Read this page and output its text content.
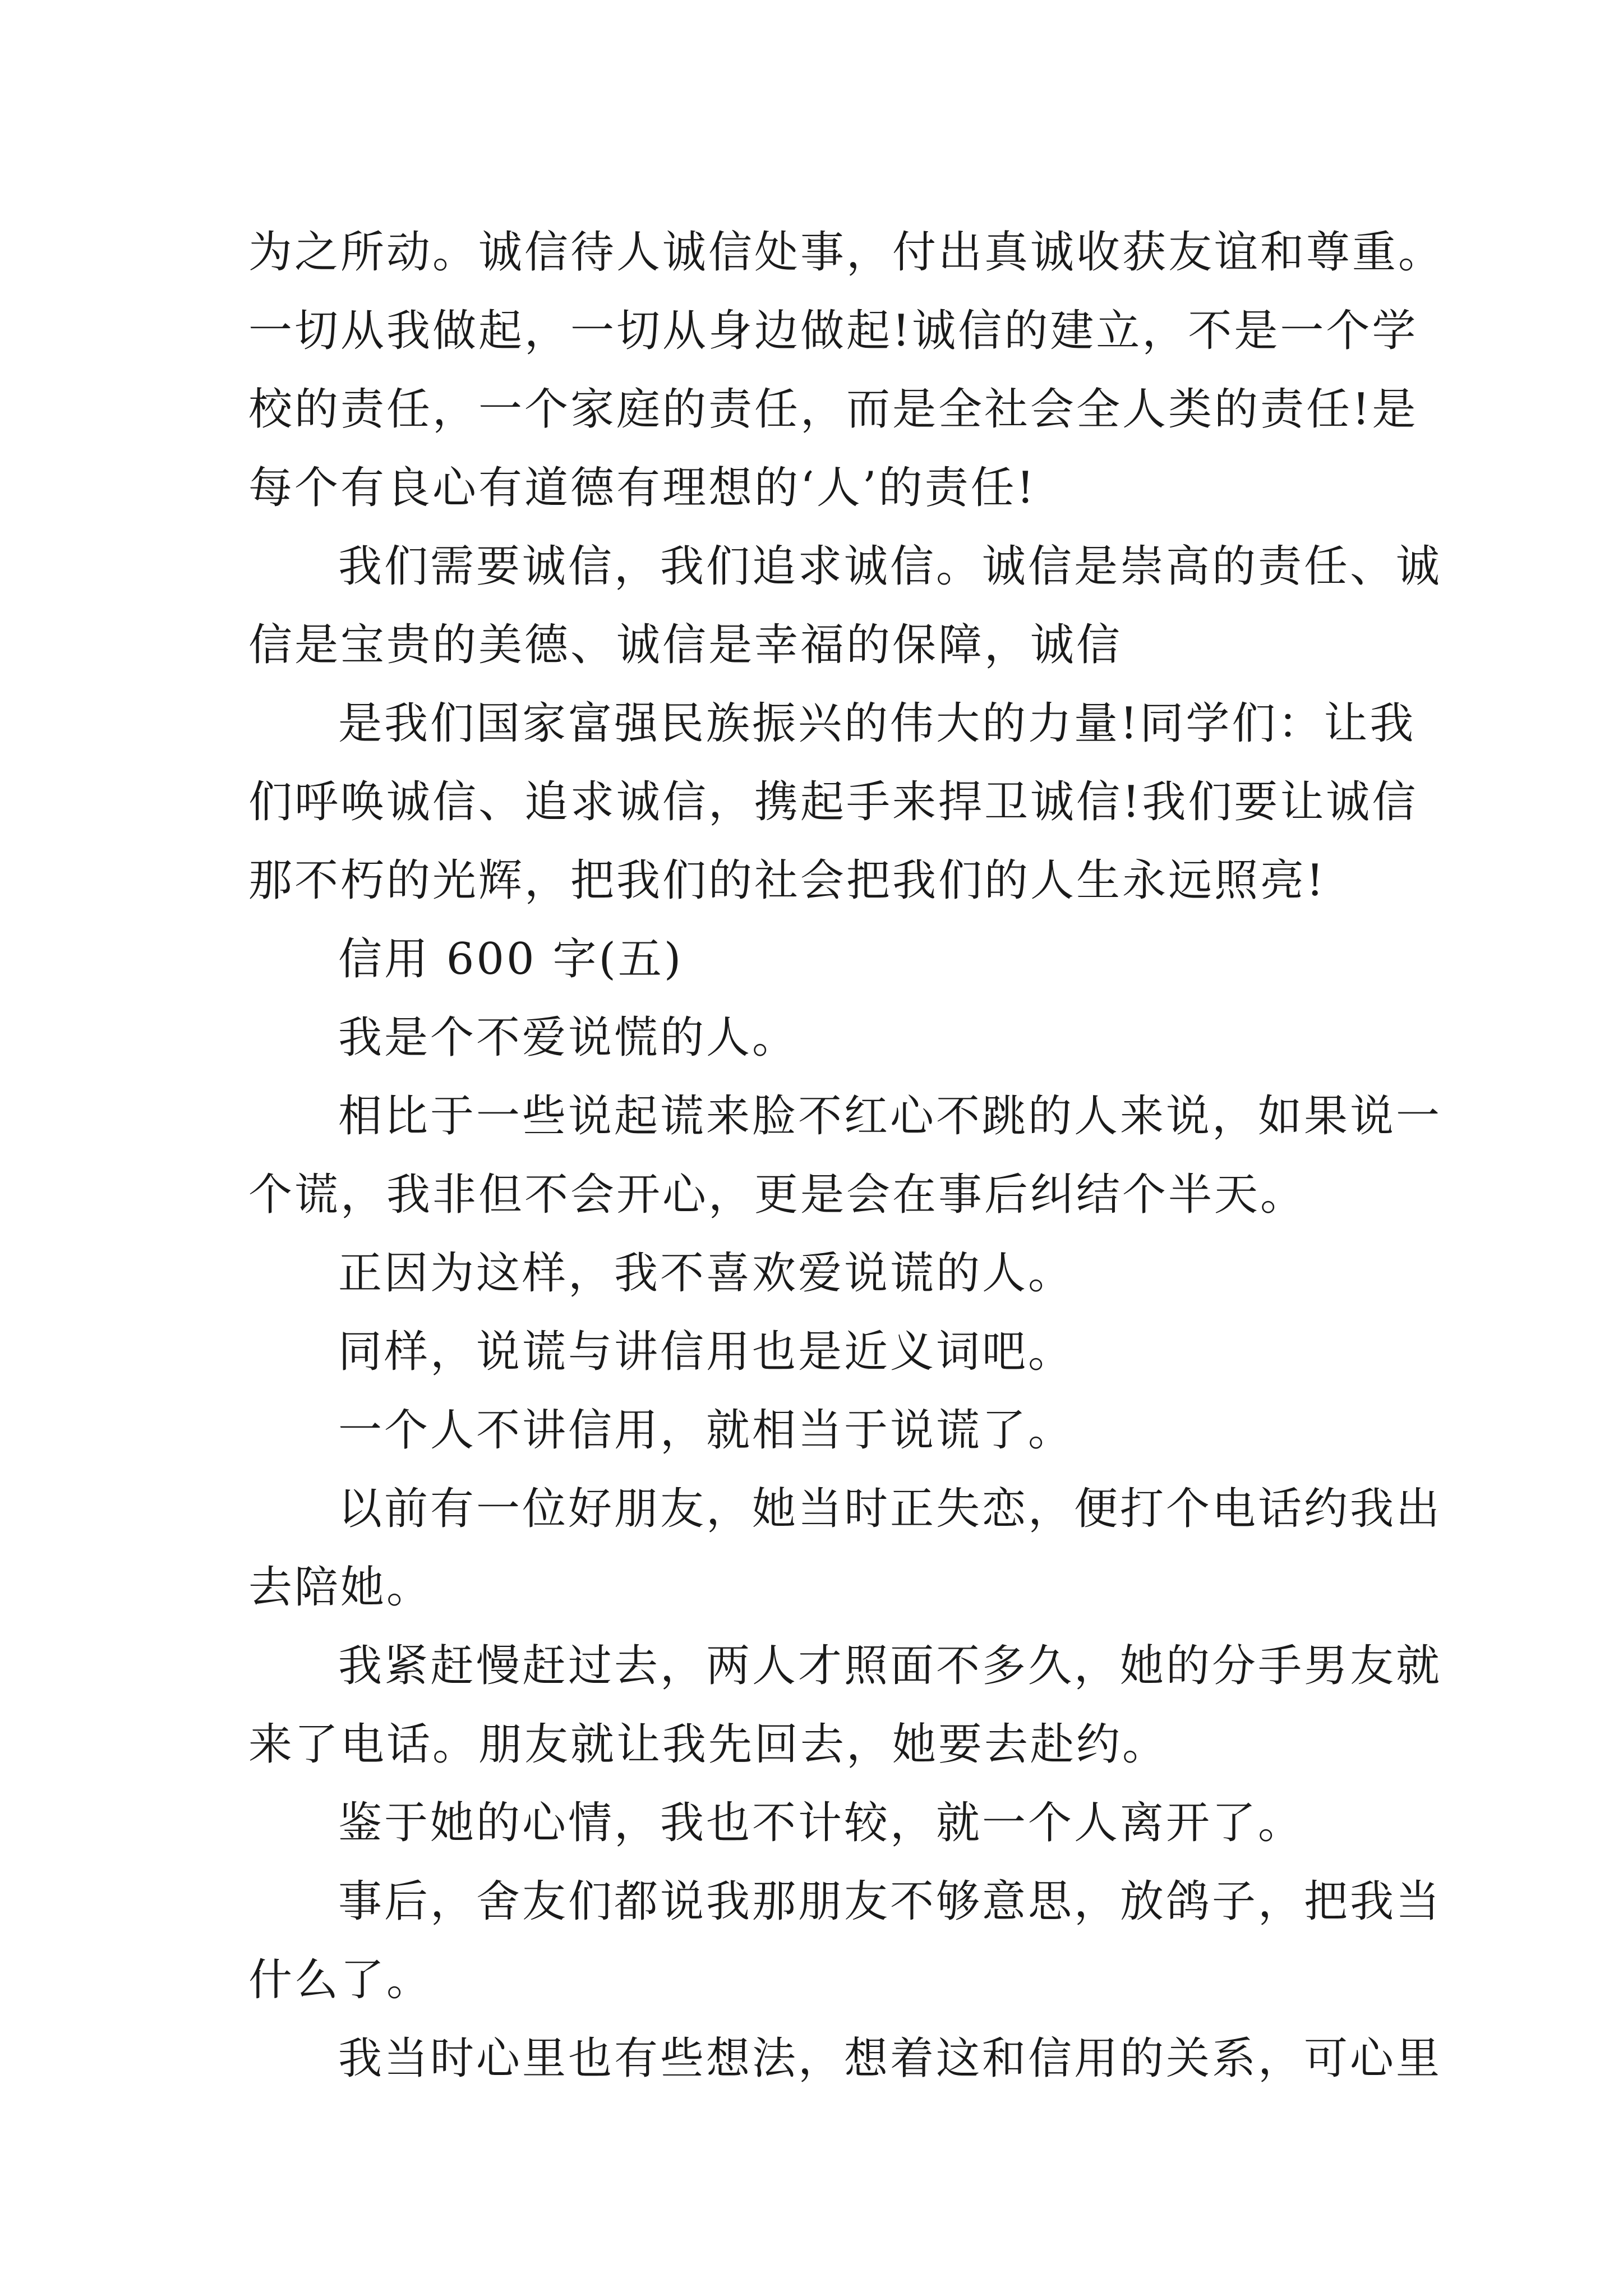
为之所动。诚信待人诚信处事，付出真诚收获友谊和尊重。
一切从我做起，一切从身边做起!诚信的建立，不是一个学
校的责任，一个家庭的责任，而是全社会全人类的责任!是
每个有良心有道德有理想的‘人’的责任!
我们需要诚信，我们追求诚信。诚信是崇高的责任、诚
信是宝贵的美德、诚信是幸福的保障，诚信
是我们国家富强民族振兴的伟大的力量!同学们：让我
们呼唤诚信、追求诚信，携起手来捍卫诚信!我们要让诚信
那不朽的光辉，把我们的社会把我们的人生永远照亮!
信用 600 字(五)
我是个不爱说慌的人。
相比于一些说起谎来脸不红心不跳的人来说，如果说一
个谎，我非但不会开心，更是会在事后纠结个半天。
正因为这样，我不喜欢爱说谎的人。
同样，说谎与讲信用也是近义词吧。
一个人不讲信用，就相当于说谎了。
以前有一位好朋友，她当时正失恋，便打个电话约我出
去陪她。
我紧赶慢赶过去，两人才照面不多久，她的分手男友就
来了电话。朋友就让我先回去，她要去赴约。
鉴于她的心情，我也不计较，就一个人离开了。
事后，舍友们都说我那朋友不够意思，放鸽子，把我当
什么了。
我当时心里也有些想法，想着这和信用的关系，可心里
